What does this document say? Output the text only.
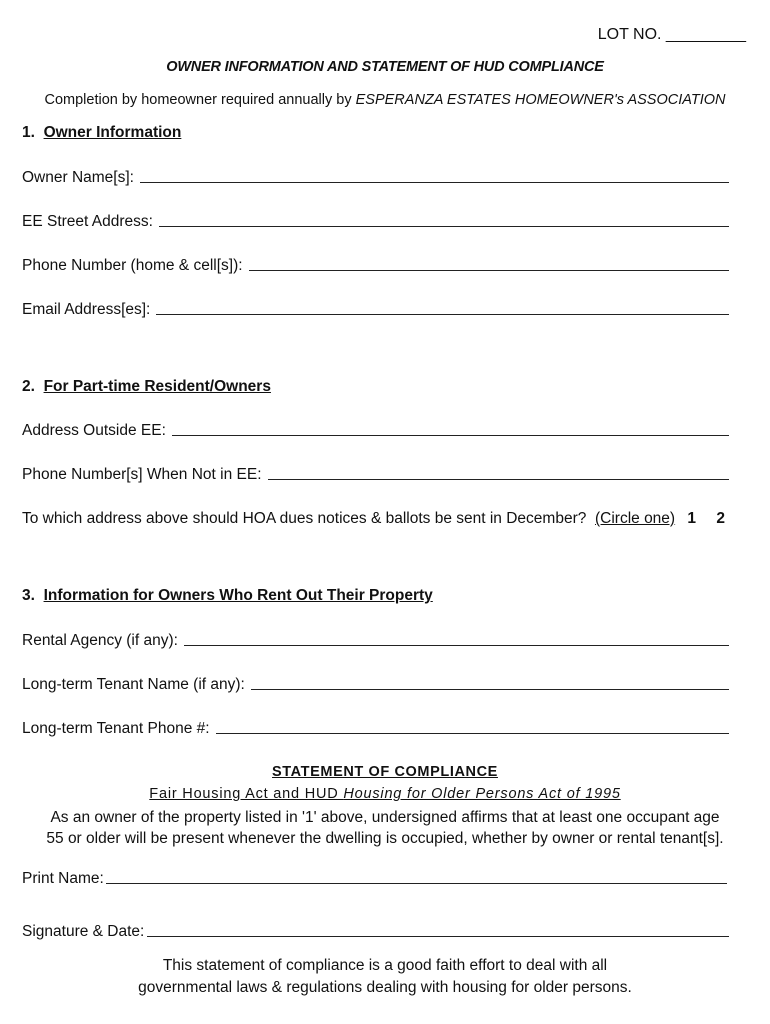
LOT NO. _________
OWNER INFORMATION AND STATEMENT OF HUD COMPLIANCE
Completion by homeowner required annually by ESPERANZA ESTATES HOMEOWNER's ASSOCIATION
1. Owner Information
Owner Name[s]:
EE Street Address:
Phone Number (home & cell[s]):
Email Address[es]:
2. For Part-time Resident/Owners
Address Outside EE:
Phone Number[s] When Not in EE:
To which address above should HOA dues notices & ballots be sent in December? (Circle one) 1 2
3. Information for Owners Who Rent Out Their Property
Rental Agency (if any):
Long-term Tenant Name (if any):
Long-term Tenant Phone #:
STATEMENT OF COMPLIANCE
Fair Housing Act and HUD Housing for Older Persons Act of 1995
As an owner of the property listed in '1' above, undersigned affirms that at least one occupant age
55 or older will be present whenever the dwelling is occupied, whether by owner or rental tenant[s].
Print Name:
Signature & Date:
This statement of compliance is a good faith effort to deal with all
governmental laws & regulations dealing with housing for older persons.
